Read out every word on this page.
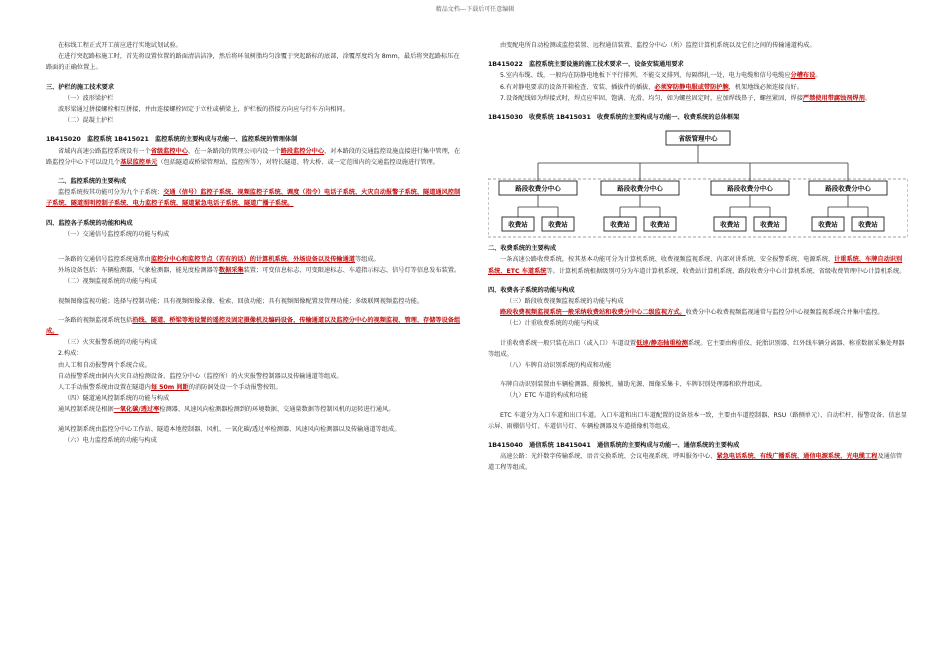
精品文档---下载后可任意编辑

在标线工程正式开工前应进行实地试划试验。

在进行突起路标施工时，首先将设置位置的路面清洁洁净，然后将环氧树脂均匀涂覆于突起路标的底部，涂覆厚度约为 8mm，最后将突起路标压在路面的正确位置上。

三、护栏的施工技术要求

（一）波形梁护栏

波形梁通过拼接螺栓相互拼接，并由连接螺栓固定于立柱或横梁上，护栏板的搭接方向应与行车方向相同。

（二）混凝土护栏

1B415020　监控系统 1B415021　监控系统的主要构成与功能一、监控系统的管理体制

省域内高速公路监控系统设有一个省级监控中心，在一条路段的管理公司内设一个路段监控分中心，对本路段的交通监控设施直接进行集中管理，在路监控分中心下可以设几个基层监控单元（包括隧道或桥梁管理站、监控所等），对特长隧道、特大桥、或一定范围内的交通监控设施进行管理。

二、监控系统的主要构成

监控系统按其功能可分为九个子系统：交通（信号）监控子系统、视频监控子系统、调度（指令）电话子系统、火灾自动报警子系统、隧道通风控制子系统、隧道照明控制子系统、电力监控子系统、隧道紧急电话子系统、隧道广播子系统。

四、监控各子系统的功能和构成

（一）交通信号监控系统的功能与构成

一条路的交通信号监控系统通常由监控分中心和监控节点（若有的话）的计算机系统、外场设备以及传输通道等组成。

外场设备包括：车辆检测器，气象检测器，能见度检测器等数据采集装置；可变信息标志、可变限速标志、车道指示标志、信号灯等信息发布装置。

（二）视频监视系统的功能与构成

视频图像监视功能；选择与控制功能；具有视频图像录像、检索、回放功能；具有视频图像配置及管理功能；多级联网视频监控功能。

一条路的视频监视系统包括沿线、隧道、桥梁等地设置的遥控及固定摄像机及编码设备，传输通道以及监控分中心的视频监视、管理、存储等设备组成。

（三）火灾报警系统的功能与构成

2.构成：

由人工和自动报警两个系统合成。

自动报警系统由洞内火灾自动检测设备、监控分中心（监控所）的火灾报警控制器以及传输通道等组成。

人工手动报警系统由设置在隧道内每 50m 间距的消防洞处设一个手动报警按钮。

（四）隧道通风控制系统的功能与构成

通风控制系统是根据一氧化碳/透过率检测器、风速风向检测器检测到的环境数据、交通量数据等控制风机的运转进行通风。

通风控制系统由监控分中心工作站、隧道本地控制器、风机、一氧化碳/透过率检测器、风速风向检测器以及传输通道等组成。

（六）电力监控系统的功能与构成

由变配电所自动检测或监控装置、远程通信装置、监控分中心（所）监控计算机系统以及它们之间的传输通道构成。

1B415022　监控系统主要设施的施工技术要求一、设备安装通用要求

5.室内布缆、线，一般均在防静电地板下平行排列，不能交叉排列，每隔绑扎一处，电力电缆和信号电缆应分槽布设。

6.有对静电要求的设备开箱检查、安装、插拔件的插拔，必须穿防静电服或带防护腕，机架地线必须连接良好。

7.设备配线如为焊接式时，焊点应牢固、饱满、光滑、均匀，如为螺丝固定时，应加焊线鼻子，螺丝紧固，焊接严禁使用带腐蚀剂焊剂。

1B415030　收费系统 1B415031　收费系统的主要构成与功能一、收费系统的总体框架

省级管理中心
路段收费分中心
收费站	收费站
路段收费分中心
收费站	收费站
路段收费分中心
收费站	收费站
路段收费分中心
收费站	收费站

二、收费系统的主要构成

一条高速公路收费系统，按其基本功能可分为计算机系统、收费视频监视系统、内部对讲系统、安全报警系统、电源系统、计重系统、车牌自动识别系统、ETC 车道系统等。计算机系统根据级别可分为车道计算机系统、收费站计算机系统、路段收费分中心计算机系统、省级收费管理中心计算机系统。

四、收费各子系统的功能与构成

（三）路段收费视频监视系统的功能与构成

路段收费视频监视系统一般采纳收费站和收费分中心二级监视方式。收费分中心收费视频监视通常与监控分中心视频监视系统合并集中监控。

（七）计重收费系统的功能与构成

计重收费系统一般只装在出口（或入口）车道设置低速/静态轴重检测系统。它主要由称重仪、轮胎识别器、红外线车辆分离器、称重数据采集处理器等组成。

（八）车牌自动识别系统的构成和功能

车牌自动识别装置由车辆检测器、摄像机、辅助光源、图像采集卡、车牌识别处理器和软件组成。

（九）ETC 车道的构成和功能

ETC 车道分为入口车道和出口车道。入口车道和出口车道配置的设备基本一致，主要由车道控制器、RSU（路侧单元）、自动栏杆、报警设备、信息显示屏、雨棚信号灯、车道信号灯、车辆检测器及车道摄像机等组成。

1B415040　通信系统 1B415041　通信系统的主要构成与功能一、通信系统的主要构成

高速公路：光纤数字传输系统、语音交换系统、会议电视系统、呼叫服务中心、紧急电话系统、有线广播系统、通信电源系统、光电缆工程及通信管道工程等组成。
